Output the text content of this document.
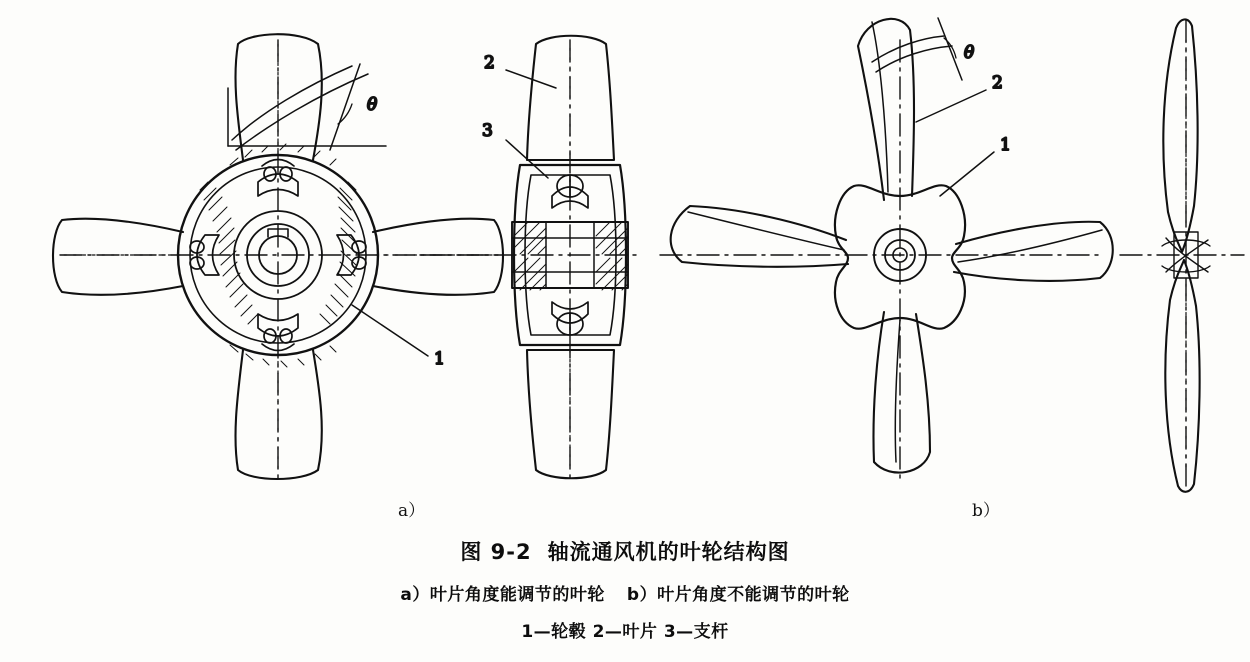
θ
1
2
3
θ
2
1
a）	b）
图 9-2 轴流通风机的叶轮结构图
a）叶片角度能调节的叶轮 b）叶片角度不能调节的叶轮
1—轮毂 2—叶片 3—支杆
